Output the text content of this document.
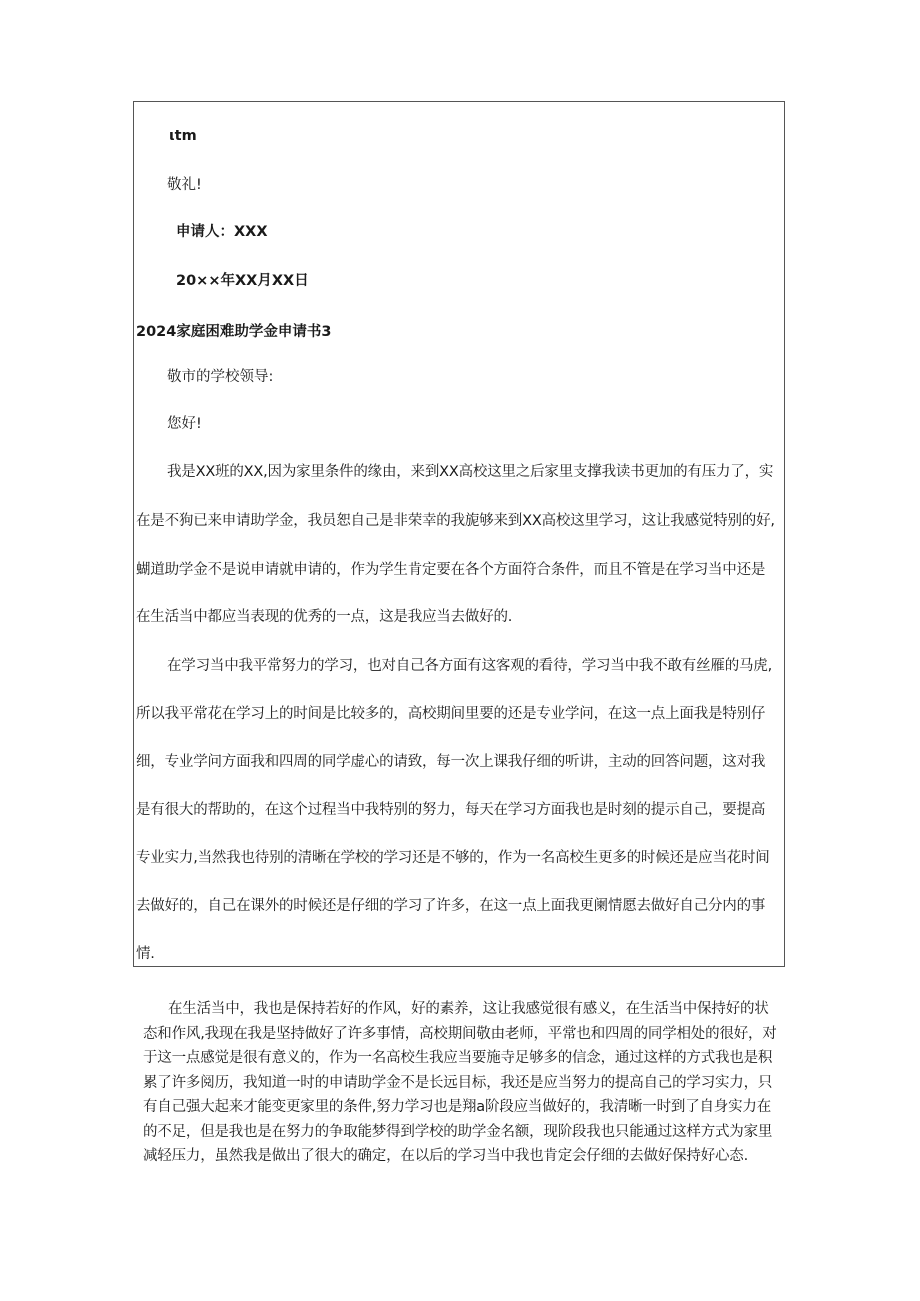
ιtm
敬礼!
申请人：XXX
20××年XX月XX日
2024家庭困难助学金申请书3
敬市的学校领导:
您好!
我是XX班的XX,因为家里条件的缘由，来到XX高校这里之后家里支撑我读书更加的有压力了，实
在是不狗已来申请助学金，我员恕自己是非荣幸的我旎够来到XX高校这里学习，这让我感觉特别的好,
蝴道助学金不是说申请就申请的，作为学生肯定要在各个方面符合条件，而且不管是在学习当中还是
在生活当中都应当表现的优秀的一点，这是我应当去做好的.
在学习当中我平常努力的学习，也对自己各方面有这客观的看待，学习当中我不敢有丝雁的马虎,
所以我平常花在学习上的时间是比较多的，高校期间里要的还是专业学问，在这一点上面我是特别仔
细，专业学问方面我和四周的同学虚心的请致，每一次上课我仔细的听讲，主动的回答问题，这对我
是有很大的帮助的，在这个过程当中我特别的努力，每天在学习方面我也是时刻的提示自己，要提高
专业实力,当然我也待别的清晰在学校的学习还是不够的，作为一名高校生更多的时候还是应当花时间
去做好的，自己在课外的时候还是仔细的学习了许多，在这一点上面我更阑情愿去做好自己分内的事
情.

在生活当中，我也是保持若好的作风，好的素养，这让我感觉很有感义，在生活当中保持好的状

态和作风,我现在我是坚持做好了许多事情，高校期间敬由老师，平常也和四周的同学相处的很好，对

于这一点感觉是很有意义的，作为一名高校生我应当要施寺足够多的信念，通过这样的方式我也是积

累了许多阅历，我知道一时的申请助学金不是长远目标，我还是应当努力的提高自己的学习实力，只

有自己强大起来才能变更家里的条件,努力学习也是翔a阶段应当做好的，我清晰一时到了自身实力在

的不足，但是我也是在努力的争取能梦得到学校的助学金名额，现阶段我也只能通过这样方式为家里

减轻压力，虽然我是做出了很大的确定，在以后的学习当中我也肯定会仔细的去做好保持好心态.
